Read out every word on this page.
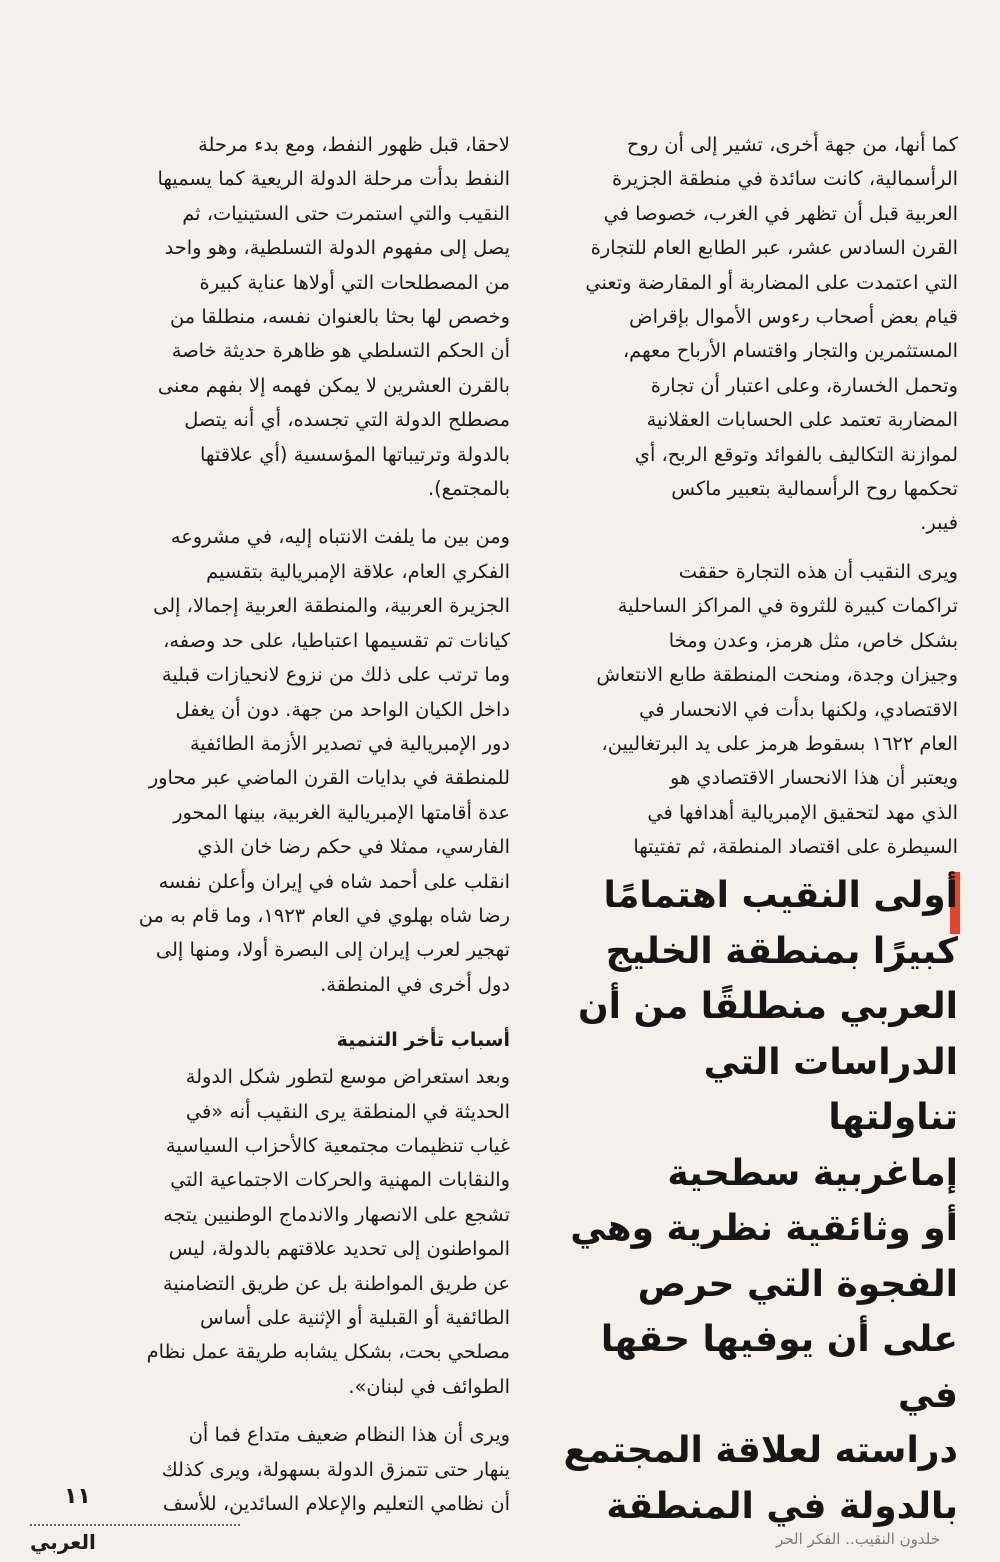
كما أنها، من جهة أخرى، تشير إلى أن روح
الرأسمالية، كانت سائدة في منطقة الجزيرة
العربية قبل أن تظهر في الغرب، خصوصا في
القرن السادس عشر، عبر الطابع العام للتجارة
التي اعتمدت على المضاربة أو المقارضة وتعني
قيام بعض أصحاب رءوس الأموال بإقراض
المستثمرين والتجار واقتسام الأرباح معهم،
وتحمل الخسارة، وعلى اعتبار أن تجارة
المضاربة تعتمد على الحسابات العقلانية
لموازنة التكاليف بالفوائد وتوقع الربح، أي
تحكمها روح الرأسمالية بتعبير ماكس
فيبر.

ويرى النقيب أن هذه التجارة حققت
تراكمات كبيرة للثروة في المراكز الساحلية
بشكل خاص، مثل هرمز، وعدن ومخا
وجيزان وجدة، ومنحت المنطقة طابع الانتعاش
الاقتصادي، ولكنها بدأت في الانحسار في
العام ١٦٢٢ بسقوط هرمز على يد البرتغاليين،
ويعتبر أن هذا الانحسار الاقتصادي هو
الذي مهد لتحقيق الإمبريالية أهدافها في
السيطرة على اقتصاد المنطقة، ثم تفتيتها

أولى النقيب اهتمامًا
كبيرًا بمنطقة الخليج
العربي منطلقًا من أن
الدراسات التي تناولتها
إماغربية سطحية
أو وثائقية نظرية وهي
الفجوة التي حرص
على أن يوفيها حقها في
دراسته لعلاقة المجتمع
بالدولة في المنطقة

لاحقا، قبل ظهور النفط، ومع بدء مرحلة
النفط بدأت مرحلة الدولة الريعية كما يسميها
النقيب والتي استمرت حتى الستينيات، ثم
يصل إلى مفهوم الدولة التسلطية، وهو واحد
من المصطلحات التي أولاها عناية كبيرة
وخصص لها بحثا بالعنوان نفسه، منطلقا من
أن الحكم التسلطي هو ظاهرة حديثة خاصة
بالقرن العشرين لا يمكن فهمه إلا بفهم معنى
مصطلح الدولة التي تجسده، أي أنه يتصل
بالدولة وترتيباتها المؤسسية (أي علاقتها
بالمجتمع).

ومن بين ما يلفت الانتباه إليه، في مشروعه
الفكري العام، علاقة الإمبريالية بتقسيم
الجزيرة العربية، والمنطقة العربية إجمالا، إلى
كيانات تم تقسيمها اعتباطيا، على حد وصفه،
وما ترتب على ذلك من نزوع لانحيازات قبلية
داخل الكيان الواحد من جهة. دون أن يغفل
دور الإمبريالية في تصدير الأزمة الطائفية
للمنطقة في بدايات القرن الماضي عبر محاور
عدة أقامتها الإمبريالية الغربية، بينها المحور
الفارسي، ممثلا في حكم رضا خان الذي
انقلب على أحمد شاه في إيران وأعلن نفسه
رضا شاه بهلوي في العام ١٩٢٣، وما قام به من
تهجير لعرب إيران إلى البصرة أولا، ومنها إلى
دول أخرى في المنطقة.

أسباب تأخر التنمية

وبعد استعراض موسع لتطور شكل الدولة
الحديثة في المنطقة يرى النقيب أنه «في
غياب تنظيمات مجتمعية كالأحزاب السياسية
والنقابات المهنية والحركات الاجتماعية التي
تشجع على الانصهار والاندماج الوطنيين يتجه
المواطنون إلى تحديد علاقتهم بالدولة، ليس
عن طريق المواطنة بل عن طريق التضامنية
الطائفية أو القبلية أو الإثنية على أساس
مصلحي بحت، بشكل يشابه طريقة عمل نظام
الطوائف في لبنان».

ويرى أن هذا النظام ضعيف متداع فما أن
ينهار حتى تتمزق الدولة بسهولة، ويرى كذلك
أن نظامي التعليم والإعلام السائدين، للأسف

١١
العربي	خلدون النقيب.. الفكر الحر
